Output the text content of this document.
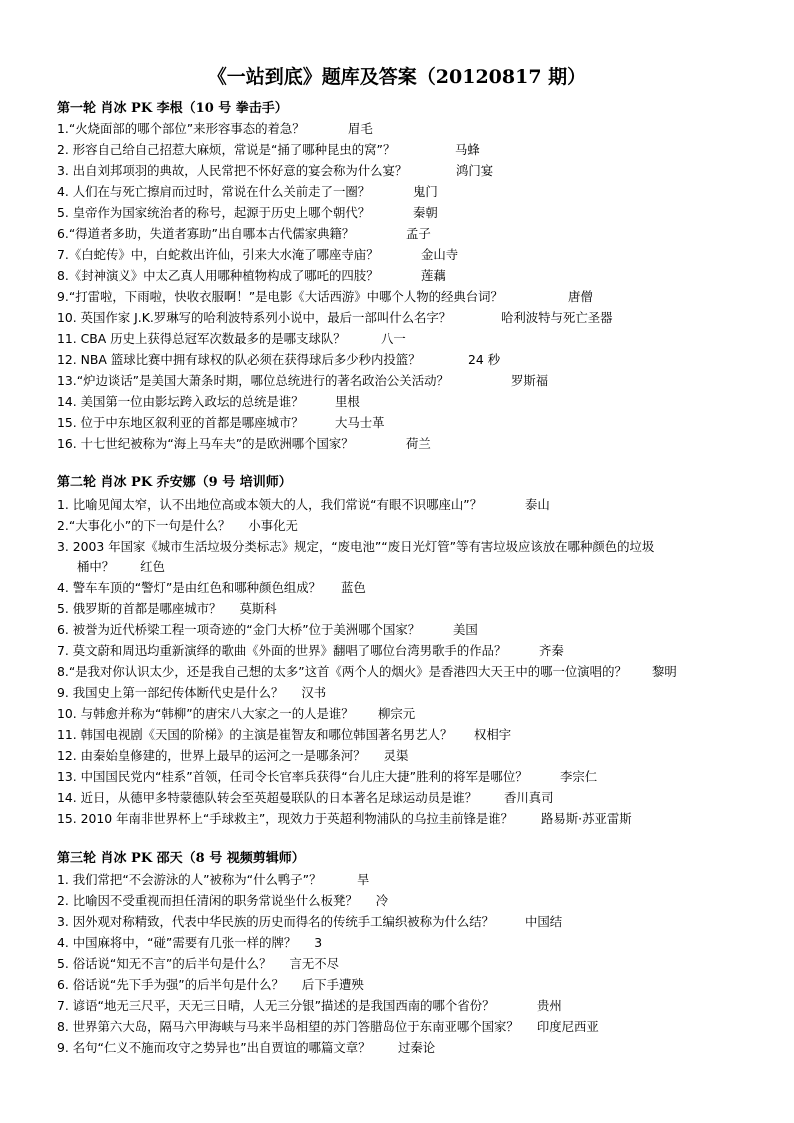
《一站到底》题库及答案（20120817 期）
第一轮 肖冰 PK 李根（10 号 拳击手）
1.“火烧面部的哪个部位”来形容事态的着急？	眉毛
2. 形容自己给自己招惹大麻烦，常说是“捅了哪种昆虫的窝”？	马蜂
3. 出自刘邦项羽的典故，人民常把不怀好意的宴会称为什么宴？	鸿门宴
4. 人们在与死亡擦肩而过时，常说在什么关前走了一圈？	鬼门
5. 皇帝作为国家统治者的称号，起源于历史上哪个朝代？	秦朝
6.“得道者多助，失道者寡助”出自哪本古代儒家典籍？	孟子
7.《白蛇传》中，白蛇救出许仙，引来大水淹了哪座寺庙？	金山寺
8.《封神演义》中太乙真人用哪种植物构成了哪吒的四肢？	莲藕
9.“打雷啦，下雨啦，快收衣服啊！”是电影《大话西游》中哪个人物的经典台词？	唐僧
10. 英国作家 J.K.罗琳写的哈利波特系列小说中，最后一部叫什么名字？	哈利波特与死亡圣器
11. CBA 历史上获得总冠军次数最多的是哪支球队？	八一
12. NBA 篮球比赛中拥有球权的队必须在获得球后多少秒内投篮？	24 秒
13.“炉边谈话”是美国大萧条时期，哪位总统进行的著名政治公关活动？	罗斯福
14. 美国第一位由影坛跨入政坛的总统是谁？	里根
15. 位于中东地区叙利亚的首都是哪座城市？	大马士革
16. 十七世纪被称为“海上马车夫”的是欧洲哪个国家？	荷兰
第二轮 肖冰 PK 乔安娜（9 号 培训师）
1. 比喻见闻太窄，认不出地位高或本领大的人，我们常说“有眼不识哪座山”？	泰山
2.“大事化小”的下一句是什么？ 小事化无
3. 2003 年国家《城市生活垃圾分类标志》规定，“废电池”“废日光灯管”等有害垃圾应该放在哪种颜色的垃圾
桶中？ 红色
4. 警车车顶的“警灯”是由红色和哪种颜色组成？ 蓝色
5. 俄罗斯的首都是哪座城市？ 莫斯科
6. 被誉为近代桥梁工程一项奇迹的“金门大桥”位于美洲哪个国家？	美国
7. 莫文蔚和周迅均重新演绎的歌曲《外面的世界》翻唱了哪位台湾男歌手的作品？	齐秦
8.“是我对你认识太少，还是我自己想的太多”这首《两个人的烟火》是香港四大天王中的哪一位演唱的？ 黎明
9. 我国史上第一部纪传体断代史是什么？ 汉书
10. 与韩愈并称为“韩柳”的唐宋八大家之一的人是谁？ 柳宗元
11. 韩国电视剧《天国的阶梯》的主演是崔智友和哪位韩国著名男艺人？ 权相宇
12. 由秦始皇修建的，世界上最早的运河之一是哪条河？ 灵渠
13. 中国国民党内“桂系”首领，任司令长官率兵获得“台儿庄大捷”胜利的将军是哪位？	李宗仁
14. 近日，从德甲多特蒙德队转会至英超曼联队的日本著名足球运动员是谁？ 香川真司
15. 2010 年南非世界杯上“手球救主”，现效力于英超利物浦队的乌拉圭前锋是谁？ 路易斯·苏亚雷斯
第三轮 肖冰 PK 邵天（8 号 视频剪辑师）
1. 我们常把“不会游泳的人”被称为“什么鸭子”？	旱
2. 比喻因不受重视而担任清闲的职务常说坐什么板凳？ 冷
3. 因外观对称精致，代表中华民族的历史而得名的传统手工编织被称为什么结？ 中国结
4. 中国麻将中，“碰”需要有几张一样的牌？ 3
5. 俗话说“知无不言”的后半句是什么？ 言无不尽
6. 俗话说“先下手为强”的后半句是什么？ 后下手遭殃
7. 谚语“地无三尺平，天无三日晴，人无三分银”描述的是我国西南的哪个省份？	贵州
8. 世界第六大岛，隔马六甲海峡与马来半岛相望的苏门答腊岛位于东南亚哪个国家？ 印度尼西亚
9. 名句“仁义不施而攻守之势异也”出自贾谊的哪篇文章？ 过秦论
